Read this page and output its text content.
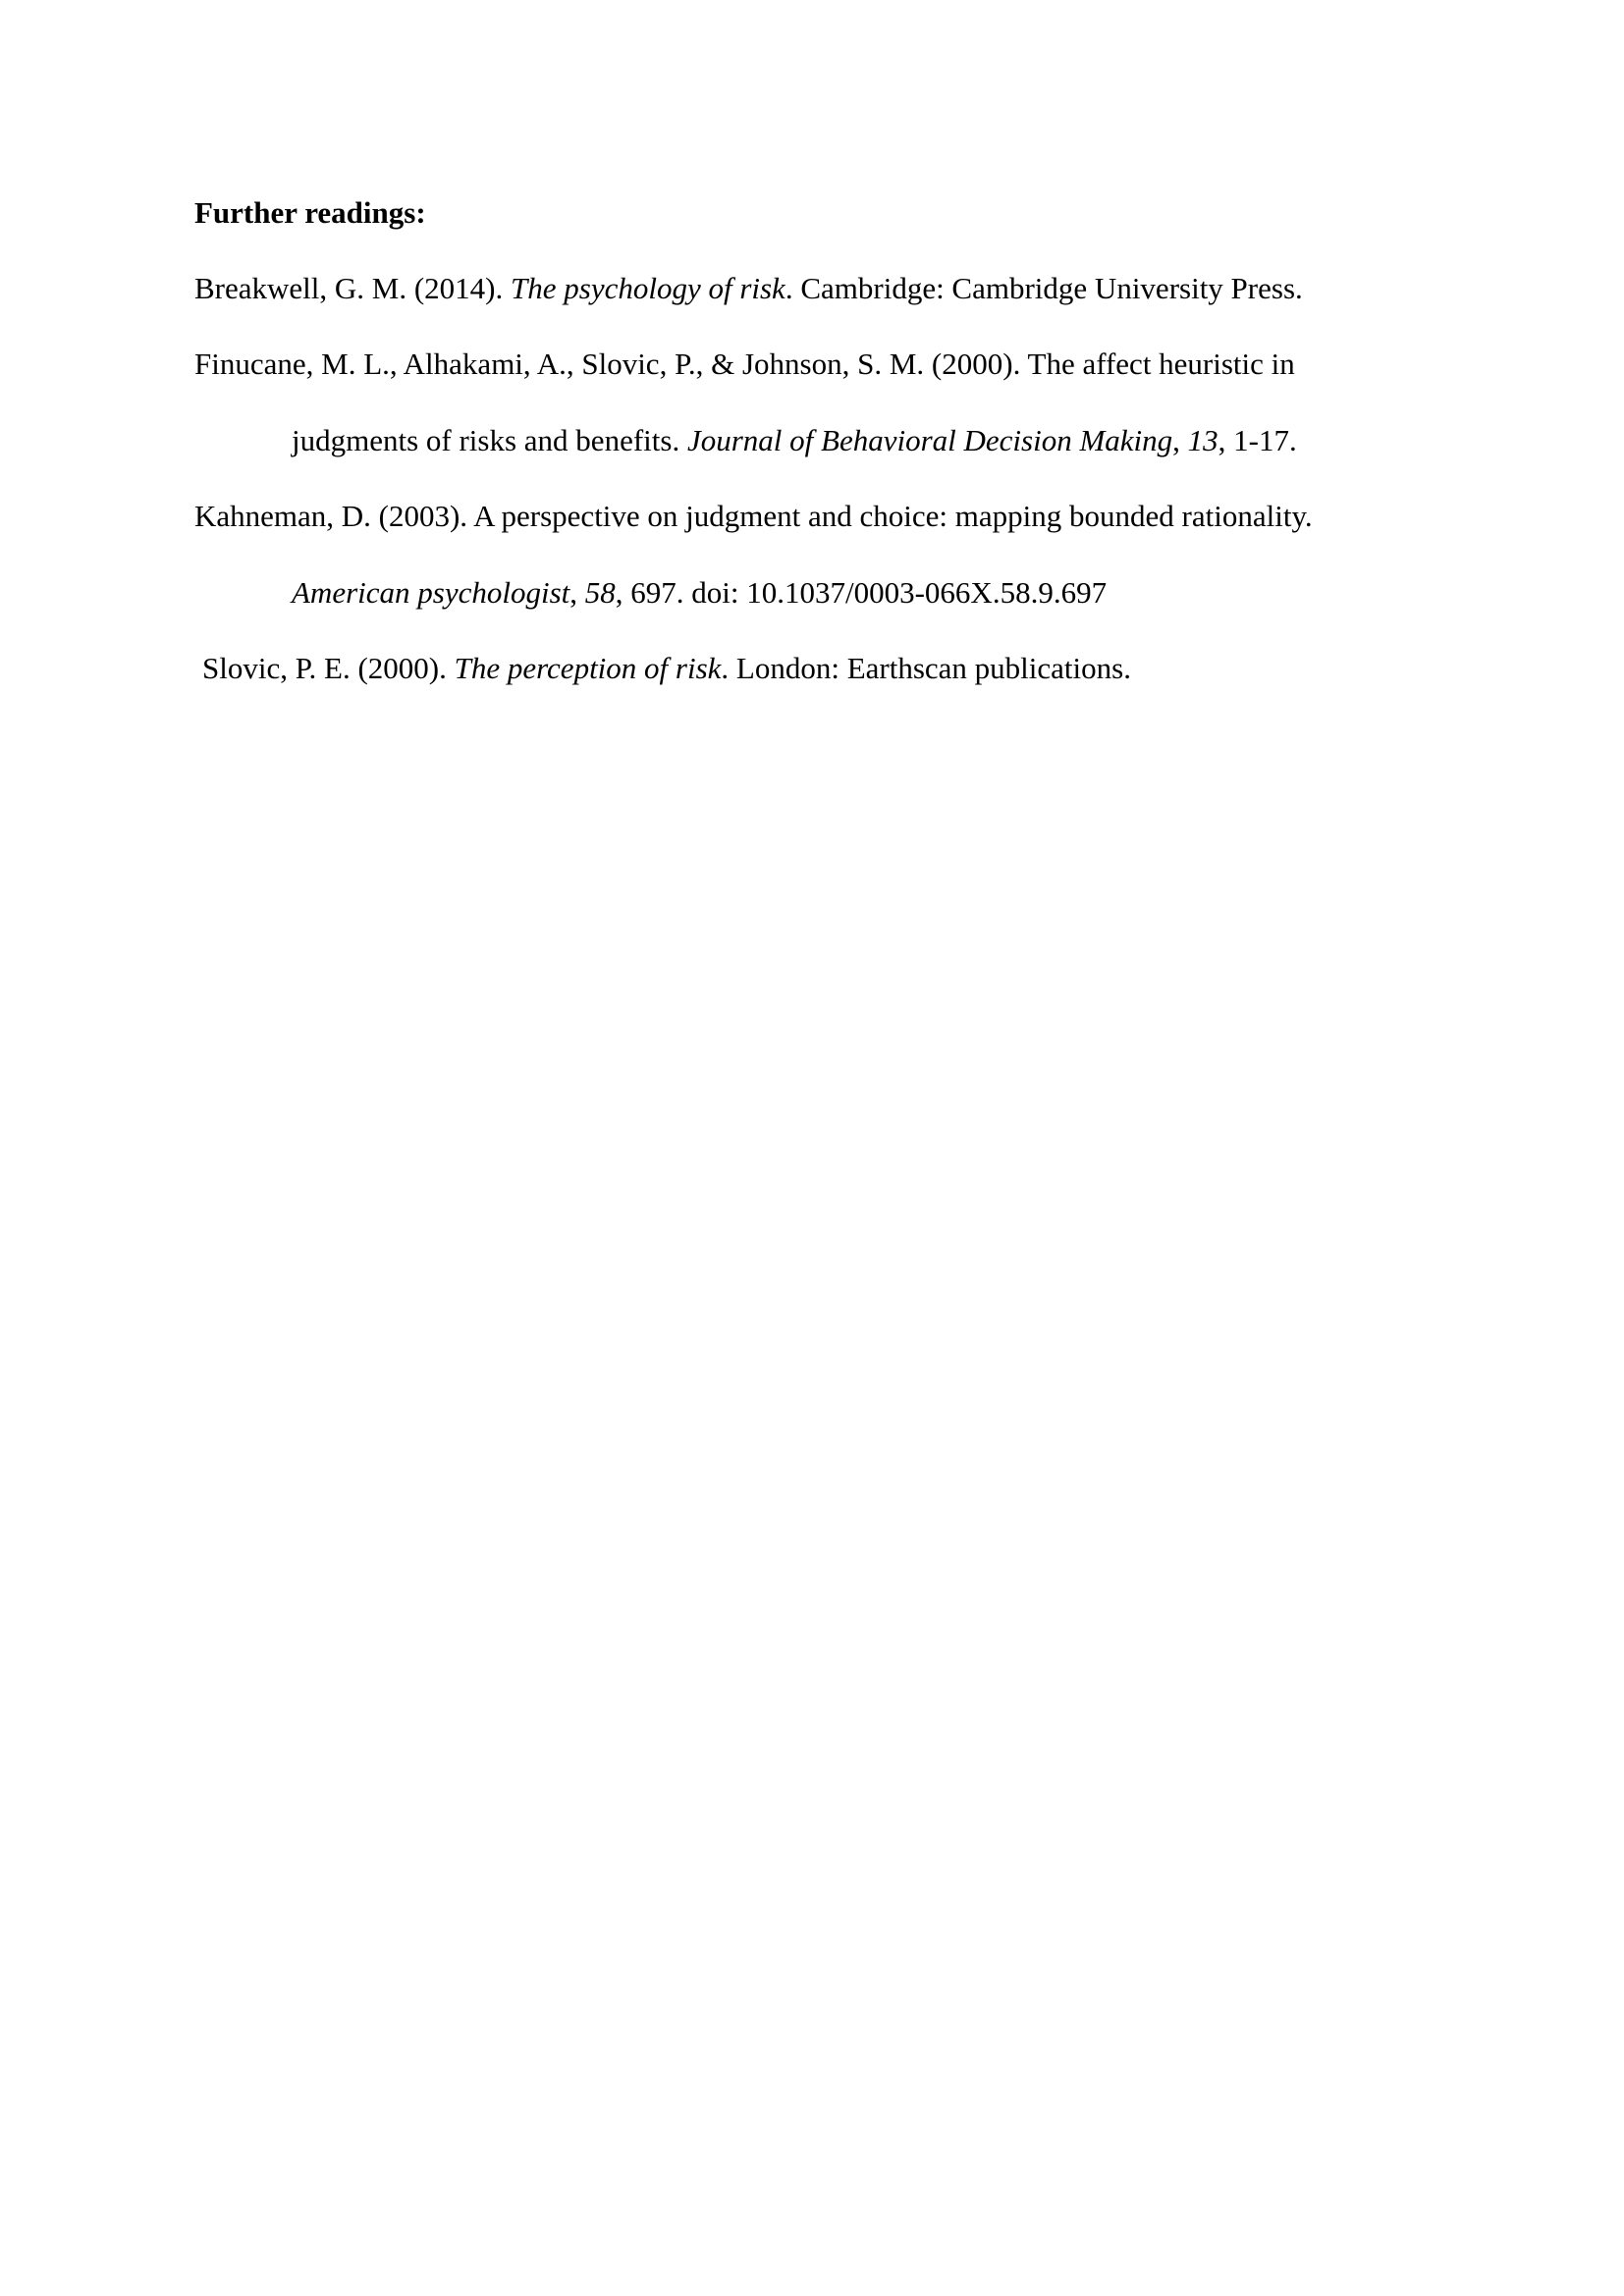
Further readings:
Breakwell, G. M. (2014). The psychology of risk. Cambridge: Cambridge University Press.
Finucane, M. L., Alhakami, A., Slovic, P., & Johnson, S. M. (2000). The affect heuristic in
judgments of risks and benefits. Journal of Behavioral Decision Making, 13, 1-17.
Kahneman, D. (2003). A perspective on judgment and choice: mapping bounded rationality.
American psychologist, 58, 697. doi: 10.1037/0003-066X.58.9.697
Slovic, P. E. (2000). The perception of risk. London: Earthscan publications.
